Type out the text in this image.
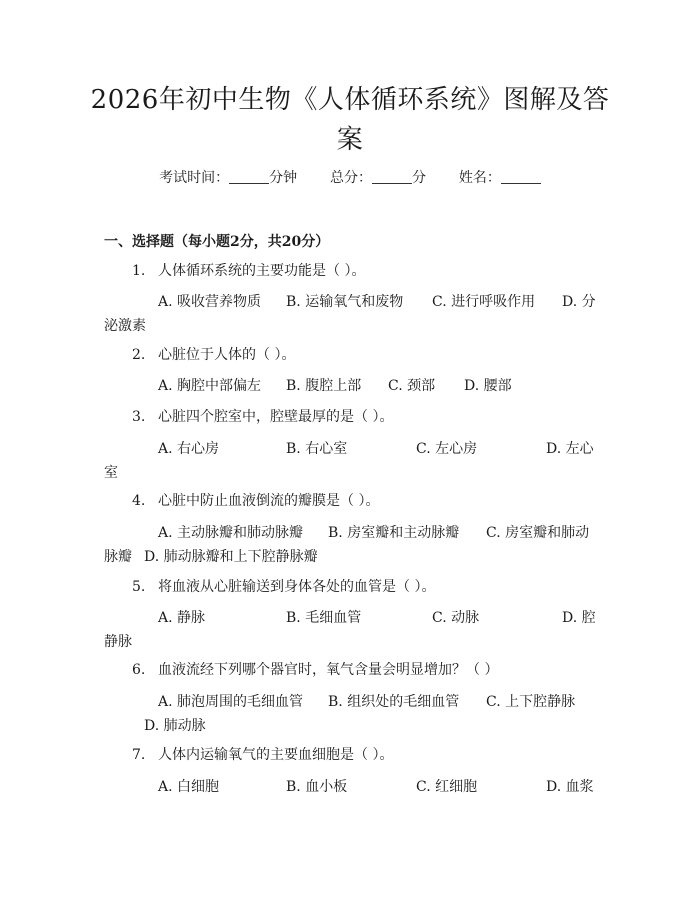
2026年初中生物《人体循环系统》图解及答案
考试时间：	分钟 总分：	分 姓名：
一、选择题（每小题2分，共20分）
1. 人体循环系统的主要功能是（ ）。
A. 吸收营养物质 B. 运输氧气和废物 C. 进行呼吸作用 D. 分泌激素
2. 心脏位于人体的（ ）。
A. 胸腔中部偏左 B. 腹腔上部 C. 颈部 D. 腰部
3. 心脏四个腔室中，腔壁最厚的是（ ）。
A. 右心房	B. 右心室	C. 左心房	D. 左心室
4. 心脏中防止血液倒流的瓣膜是（ ）。
A. 主动脉瓣和肺动脉瓣 B. 房室瓣和主动脉瓣 C. 房室瓣和肺动脉瓣 D. 肺动脉瓣和上下腔静脉瓣
5. 将血液从心脏输送到身体各处的血管是（ ）。
A. 静脉	B. 毛细血管	C. 动脉	D. 腔静脉
6. 血液流经下列哪个器官时，氧气含量会明显增加？（ ）
A. 肺泡周围的毛细血管 B. 组织处的毛细血管 C. 上下腔静脉D. 肺动脉
7. 人体内运输氧气的主要血细胞是（ ）。
A. 白细胞	B. 血小板	C. 红细胞	D. 血浆
